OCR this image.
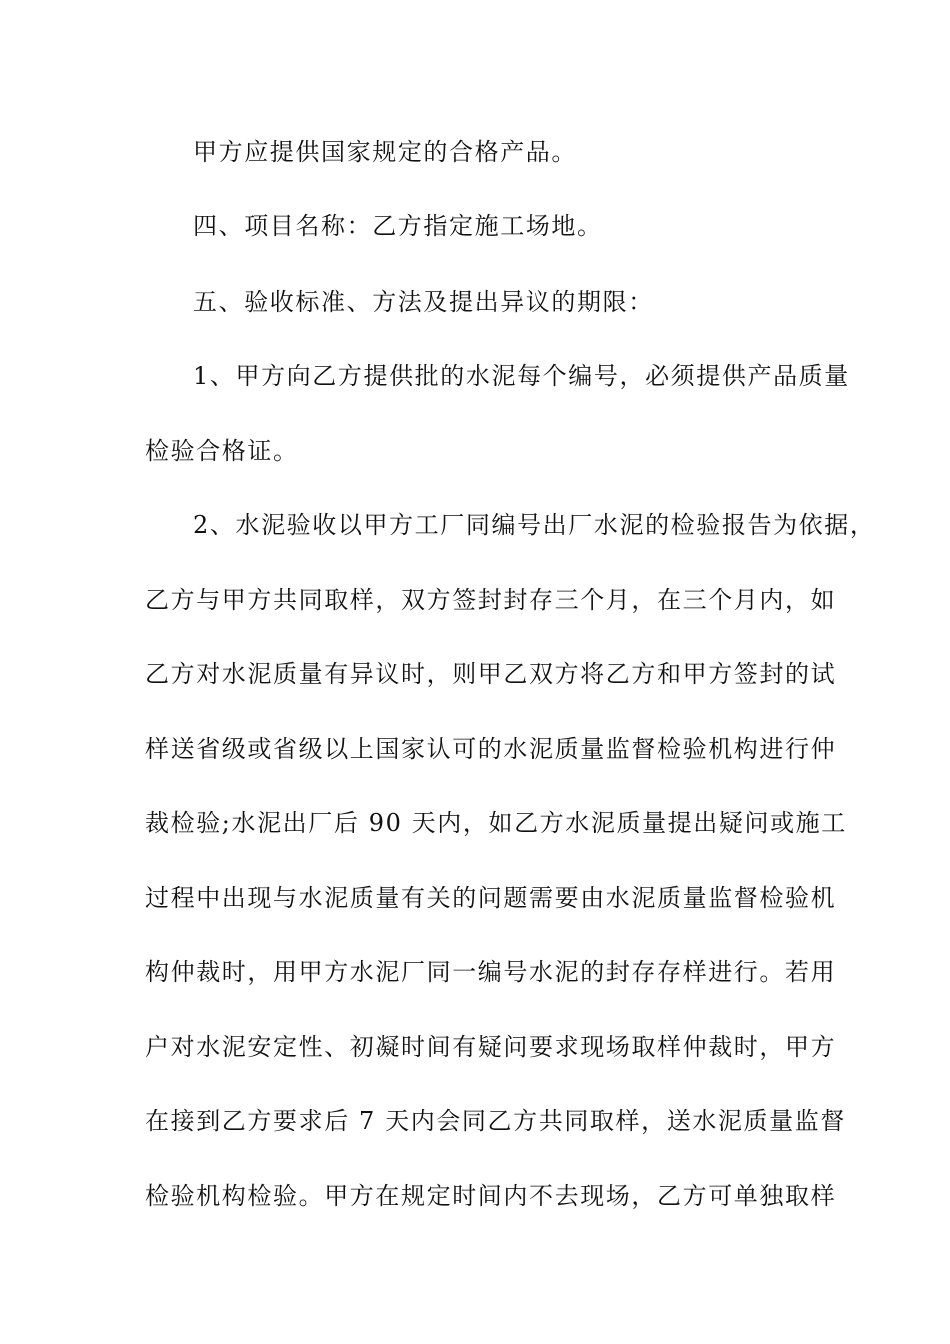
甲方应提供国家规定的合格产品。
四、项目名称：乙方指定施工场地。
五、验收标准、方法及提出异议的期限：
1、甲方向乙方提供批的水泥每个编号，必须提供产品质量
检验合格证。
2、水泥验收以甲方工厂同编号出厂水泥的检验报告为依据，
乙方与甲方共同取样，双方签封封存三个月，在三个月内，如
乙方对水泥质量有异议时，则甲乙双方将乙方和甲方签封的试
样送省级或省级以上国家认可的水泥质量监督检验机构进行仲
裁检验;水泥出厂后 90 天内，如乙方水泥质量提出疑问或施工
过程中出现与水泥质量有关的问题需要由水泥质量监督检验机
构仲裁时，用甲方水泥厂同一编号水泥的封存存样进行。若用
户对水泥安定性、初凝时间有疑问要求现场取样仲裁时，甲方
在接到乙方要求后 7 天内会同乙方共同取样，送水泥质量监督
检验机构检验。甲方在规定时间内不去现场，乙方可单独取样
